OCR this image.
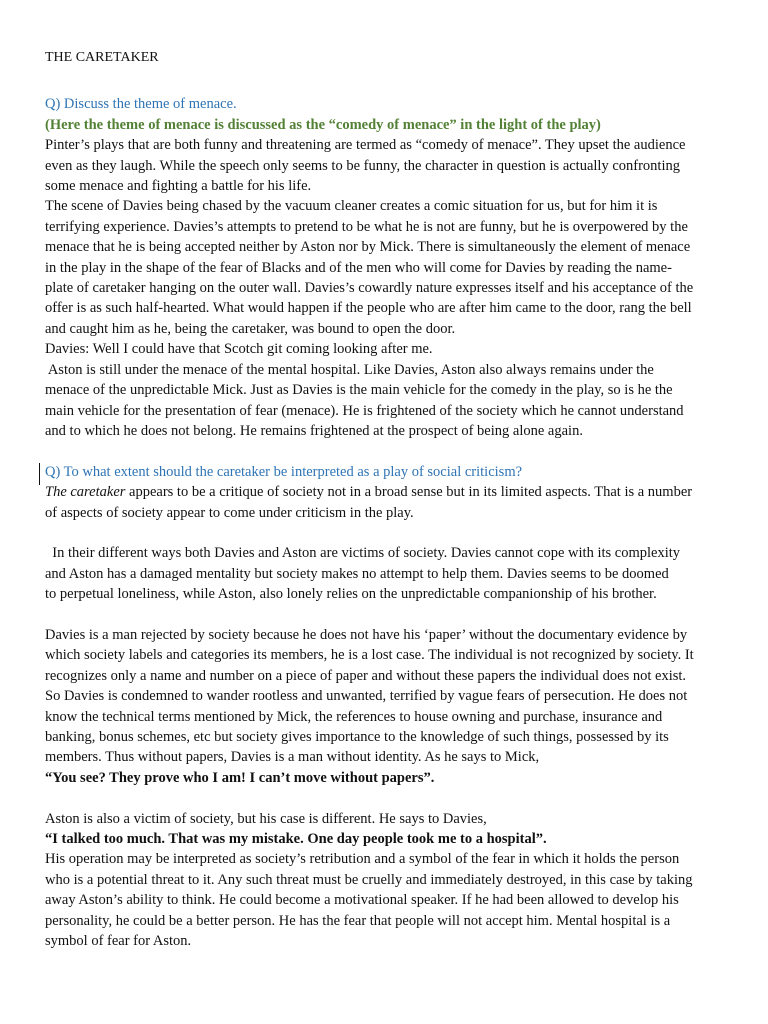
THE CARETAKER
Q) Discuss the theme of menace.
(Here the theme of menace is discussed as the “comedy of menace” in the light of the play)
Pinter’s plays that are both funny and threatening are termed as “comedy of menace”. They upset the audience
even as they laugh. While the speech only seems to be funny, the character in question is actually confronting
some menace and fighting a battle for his life.
The scene of Davies being chased by the vacuum cleaner creates a comic situation for us, but for him it is
terrifying experience. Davies’s attempts to pretend to be what he is not are funny, but he is overpowered by the
menace that he is being accepted neither by Aston nor by Mick. There is simultaneously the element of menace
in the play in the shape of the fear of Blacks and of the men who will come for Davies by reading the name-
plate of caretaker hanging on the outer wall. Davies’s cowardly nature expresses itself and his acceptance of the
offer is as such half-hearted. What would happen if the people who are after him came to the door, rang the bell
and caught him as he, being the caretaker, was bound to open the door.
Davies: Well I could have that Scotch git coming looking after me.
Aston is still under the menace of the mental hospital. Like Davies, Aston also always remains under the
menace of the unpredictable Mick. Just as Davies is the main vehicle for the comedy in the play, so is he the
main vehicle for the presentation of fear (menace). He is frightened of the society which he cannot understand
and to which he does not belong. He remains frightened at the prospect of being alone again.
Q) To what extent should the caretaker be interpreted as a play of social criticism?
The caretaker appears to be a critique of society not in a broad sense but in its limited aspects. That is a number
of aspects of society appear to come under criticism in the play.
In their different ways both Davies and Aston are victims of society. Davies cannot cope with its complexity
and Aston has a damaged mentality but society makes no attempt to help them. Davies seems to be doomed
to perpetual loneliness, while Aston, also lonely relies on the unpredictable companionship of his brother.
Davies is a man rejected by society because he does not have his ‘paper’ without the documentary evidence by
which society labels and categories its members, he is a lost case. The individual is not recognized by society. It
recognizes only a name and number on a piece of paper and without these papers the individual does not exist.
So Davies is condemned to wander rootless and unwanted, terrified by vague fears of persecution. He does not
know the technical terms mentioned by Mick, the references to house owning and purchase, insurance and
banking, bonus schemes, etc but society gives importance to the knowledge of such things, possessed by its
members. Thus without papers, Davies is a man without identity. As he says to Mick,
“You see? They prove who I am! I can’t move without papers”.
Aston is also a victim of society, but his case is different. He says to Davies,
“I talked too much. That was my mistake. One day people took me to a hospital”.
His operation may be interpreted as society’s retribution and a symbol of the fear in which it holds the person
who is a potential threat to it. Any such threat must be cruelly and immediately destroyed, in this case by taking
away Aston’s ability to think. He could become a motivational speaker. If he had been allowed to develop his
personality, he could be a better person. He has the fear that people will not accept him. Mental hospital is a
symbol of fear for Aston.
